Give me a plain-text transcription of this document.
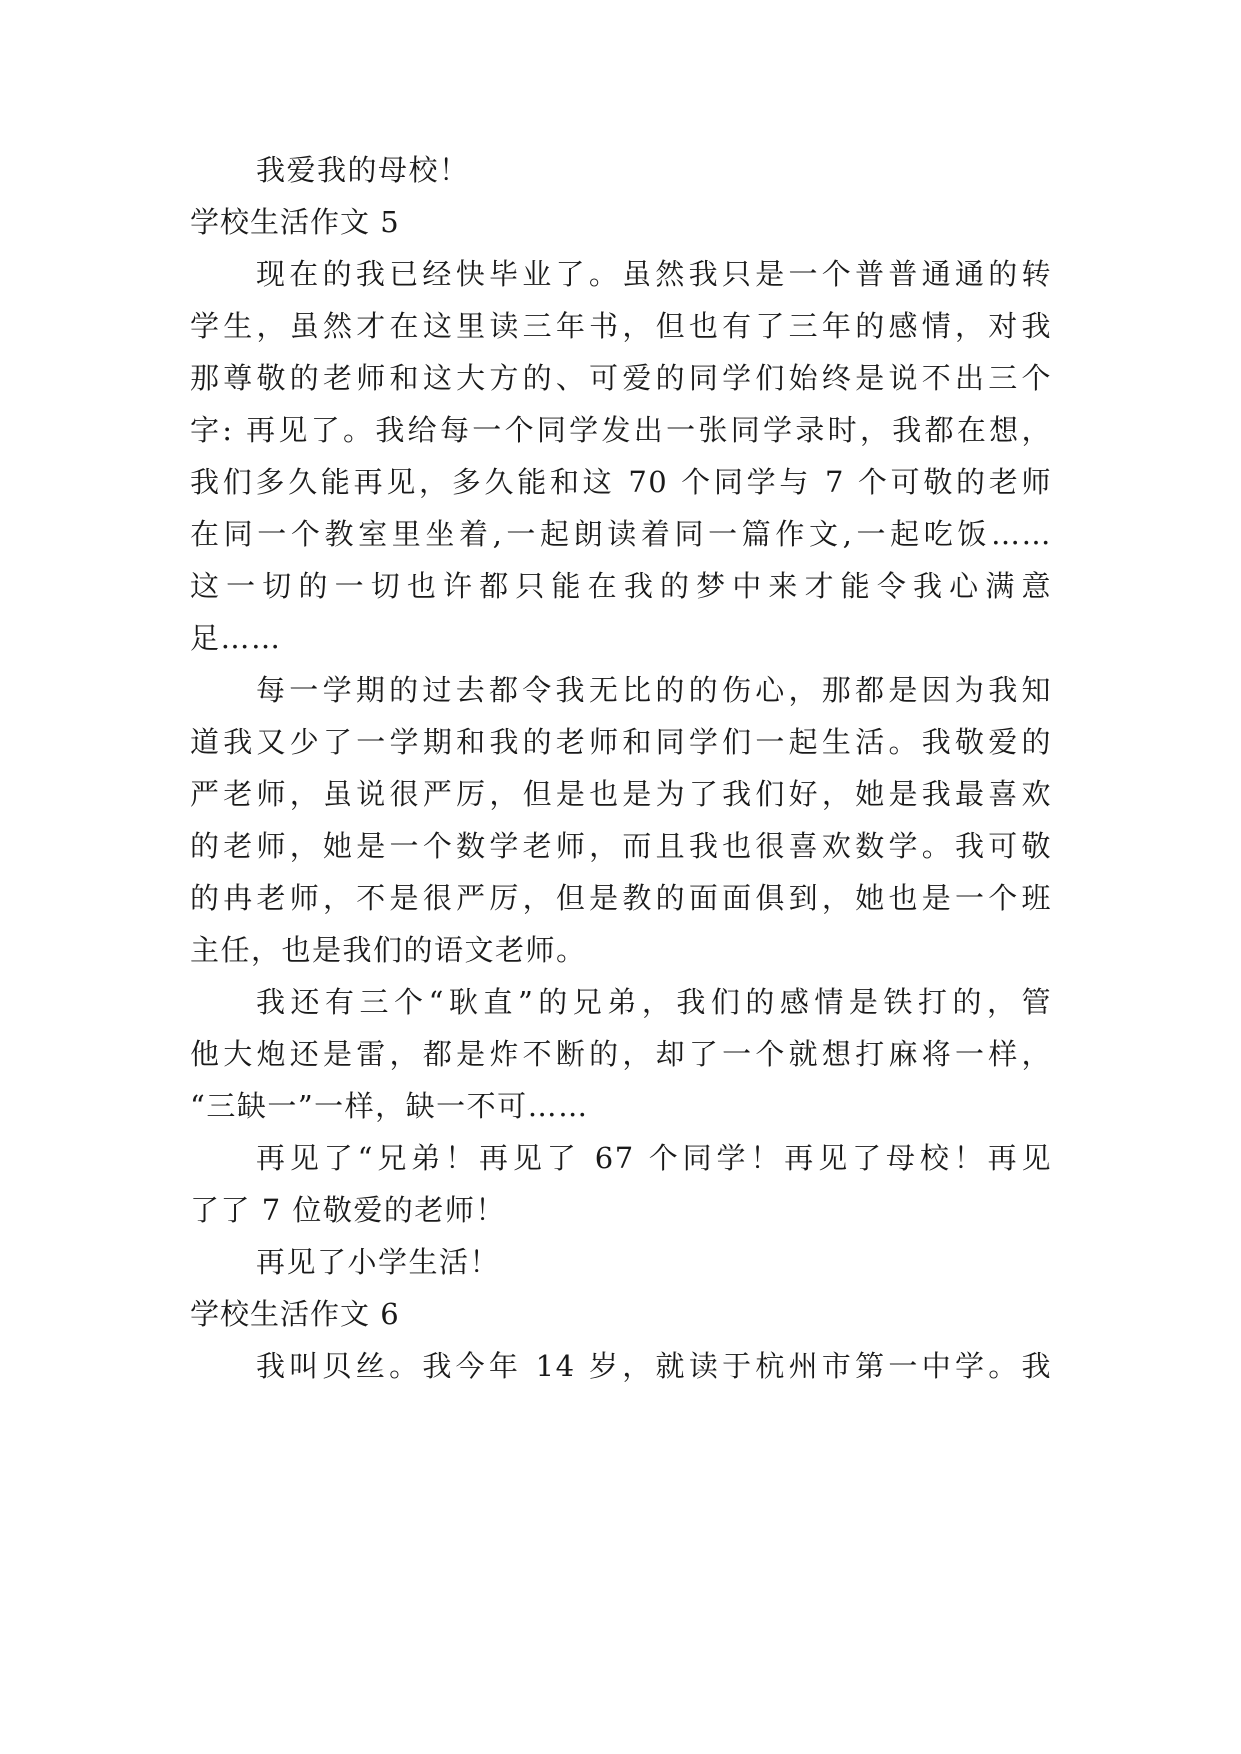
我爱我的母校！
学校生活作文 5
现在的我已经快毕业了。虽然我只是一个普普通通的转
学生，虽然才在这里读三年书，但也有了三年的感情，对我
那尊敬的老师和这大方的、可爱的同学们始终是说不出三个
字: 再见了。我给每一个同学发出一张同学录时，我都在想，
我们多久能再见，多久能和这 70 个同学与 7 个可敬的老师
在同一个教室里坐着,一起朗读着同一篇作文,一起吃饭……
这一切的一切也许都只能在我的梦中来才能令我心满意
足……
每一学期的过去都令我无比的的伤心，那都是因为我知
道我又少了一学期和我的老师和同学们一起生活。我敬爱的
严老师，虽说很严厉，但是也是为了我们好，她是我最喜欢
的老师，她是一个数学老师，而且我也很喜欢数学。我可敬
的冉老师，不是很严厉，但是教的面面俱到，她也是一个班
主任，也是我们的语文老师。
我还有三个“耿直”的兄弟，我们的感情是铁打的，管
他大炮还是雷，都是炸不断的，却了一个就想打麻将一样，
“三缺一”一样，缺一不可……
再见了“兄弟！再见了 67 个同学！再见了母校！再见
了了 7 位敬爱的老师！
再见了小学生活！
学校生活作文 6
我叫贝丝。我今年 14 岁，就读于杭州市第一中学。我
